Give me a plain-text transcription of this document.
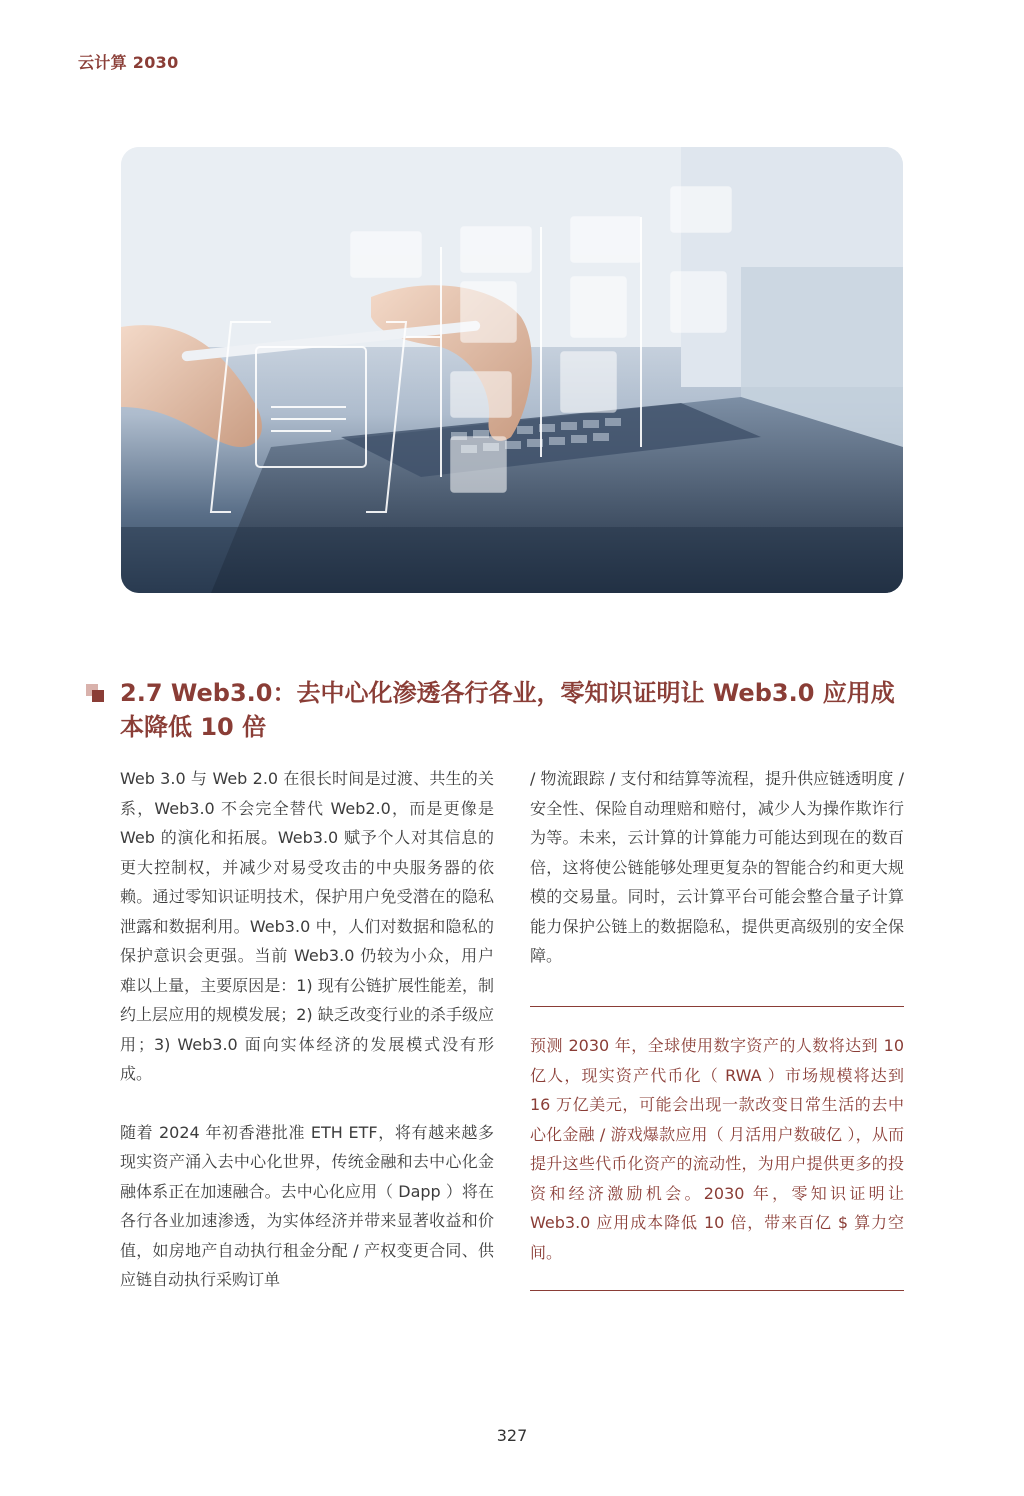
云计算 2030
2.7 Web3.0：去中心化渗透各行各业，零知识证明让 Web3.0 应用成本降低 10 倍

Web 3.0 与 Web 2.0 在很长时间是过渡、共生的关系，Web3.0 不会完全替代 Web2.0，而是更像是 Web 的演化和拓展。Web3.0 赋予个人对其信息的更大控制权，并减少对易受攻击的中央服务器的依赖。通过零知识证明技术，保护用户免受潜在的隐私泄露和数据利用。Web3.0 中，人们对数据和隐私的保护意识会更强。当前 Web3.0 仍较为小众，用户难以上量，主要原因是：1) 现有公链扩展性能差，制约上层应用的规模发展；2) 缺乏改变行业的杀手级应用；3) Web3.0 面向实体经济的发展模式没有形成。

随着 2024 年初香港批准 ETH ETF，将有越来越多现实资产涌入去中心化世界，传统金融和去中心化金融体系正在加速融合。去中心化应用（ Dapp ）将在各行各业加速渗透，为实体经济并带来显著收益和价值，如房地产自动执行租金分配 / 产权变更合同、供应链自动执行采购订单

/ 物流跟踪 / 支付和结算等流程，提升供应链透明度 / 安全性、保险自动理赔和赔付，减少人为操作欺诈行为等。未来，云计算的计算能力可能达到现在的数百倍，这将使公链能够处理更复杂的智能合约和更大规模的交易量。同时，云计算平台可能会整合量子计算能力保护公链上的数据隐私，提供更高级别的安全保障。

预测 2030 年，全球使用数字资产的人数将达到 10 亿人，现实资产代币化（ RWA ）市场规模将达到 16 万亿美元，可能会出现一款改变日常生活的去中心化金融 / 游戏爆款应用（ 月活用户数破亿 ），从而提升这些代币化资产的流动性，为用户提供更多的投资和经济激励机会。2030 年，零知识证明让 Web3.0 应用成本降低 10 倍，带来百亿 $ 算力空间。
327
